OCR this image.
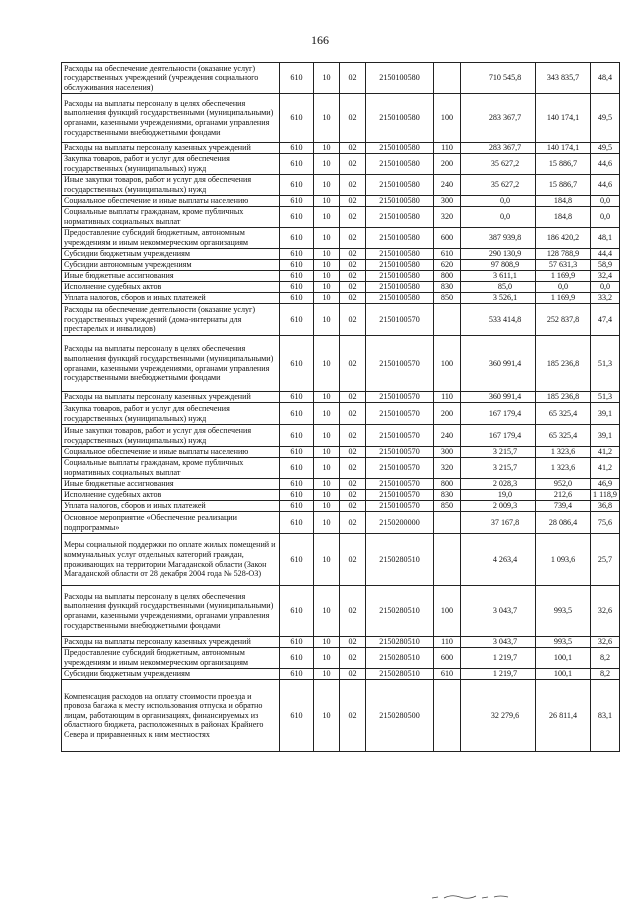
166
Расходы на обеспечение деятельности (оказание услуг) государственных учреждений (учреждения социального обслуживания населения)	610	10	02	2150100580		710 545,8	343 835,7	48,4
Расходы на выплаты персоналу в целях обеспечения выполнения функций государственными (муниципальными) органами, казенными учреждениями, органами управления государственными внебюджетными фондами	610	10	02	2150100580	100	283 367,7	140 174,1	49,5
Расходы на выплаты персоналу казенных учреждений	610	10	02	2150100580	110	283 367,7	140 174,1	49,5
Закупка товаров, работ и услуг для обеспечения государственных (муниципальных) нужд	610	10	02	2150100580	200	35 627,2	15 886,7	44,6
Иные закупки товаров, работ и услуг для обеспечения государственных (муниципальных) нужд	610	10	02	2150100580	240	35 627,2	15 886,7	44,6
Социальное обеспечение и иные выплаты населению	610	10	02	2150100580	300	0,0	184,8	0,0
Социальные выплаты гражданам, кроме публичных нормативных социальных выплат	610	10	02	2150100580	320	0,0	184,8	0,0
Предоставление субсидий бюджетным, автономным учреждениям и иным некоммерческим организациям	610	10	02	2150100580	600	387 939,8	186 420,2	48,1
Субсидии бюджетным учреждениям	610	10	02	2150100580	610	290 130,9	128 788,9	44,4
Субсидии автономным учреждениям	610	10	02	2150100580	620	97 808,9	57 631,3	58,9
Иные бюджетные ассигнования	610	10	02	2150100580	800	3 611,1	1 169,9	32,4
Исполнение судебных актов	610	10	02	2150100580	830	85,0	0,0	0,0
Уплата налогов, сборов и иных платежей	610	10	02	2150100580	850	3 526,1	1 169,9	33,2
Расходы на обеспечение деятельности (оказание услуг) государственных учреждений (дома-интернаты для престарелых и инвалидов)	610	10	02	2150100570		533 414,8	252 837,8	47,4
Расходы на выплаты персоналу в целях обеспечения выполнения функций государственными (муниципальными) органами, казенными учреждениями, органами управления государственными внебюджетными фондами	610	10	02	2150100570	100	360 991,4	185 236,8	51,3
Расходы на выплаты персоналу казенных учреждений	610	10	02	2150100570	110	360 991,4	185 236,8	51,3
Закупка товаров, работ и услуг для обеспечения государственных (муниципальных) нужд	610	10	02	2150100570	200	167 179,4	65 325,4	39,1
Иные закупки товаров, работ и услуг для обеспечения государственных (муниципальных) нужд	610	10	02	2150100570	240	167 179,4	65 325,4	39,1
Социальное обеспечение и иные выплаты населению	610	10	02	2150100570	300	3 215,7	1 323,6	41,2
Социальные выплаты гражданам, кроме публичных нормативных социальных выплат	610	10	02	2150100570	320	3 215,7	1 323,6	41,2
Иные бюджетные ассигнования	610	10	02	2150100570	800	2 028,3	952,0	46,9
Исполнение судебных актов	610	10	02	2150100570	830	19,0	212,6	1 118,9
Уплата налогов, сборов и иных платежей	610	10	02	2150100570	850	2 009,3	739,4	36,8
Основное мероприятие «Обеспечение реализации подпрограммы»	610	10	02	2150200000		37 167,8	28 086,4	75,6
Меры социальной поддержки по оплате жилых помещений и коммунальных услуг отдельных категорий граждан, проживающих на территории Магаданской области (Закон Магаданской области от 28 декабря 2004 года № 528-ОЗ)	610	10	02	2150280510		4 263,4	1 093,6	25,7
Расходы на выплаты персоналу в целях обеспечения выполнения функций государственными (муниципальными) органами, казенными учреждениями, органами управления государственными внебюджетными фондами	610	10	02	2150280510	100	3 043,7	993,5	32,6
Расходы на выплаты персоналу казенных учреждений	610	10	02	2150280510	110	3 043,7	993,5	32,6
Предоставление субсидий бюджетным, автономным учреждениям и иным некоммерческим организациям	610	10	02	2150280510	600	1 219,7	100,1	8,2
Субсидии бюджетным учреждениям	610	10	02	2150280510	610	1 219,7	100,1	8,2
Компенсация расходов на оплату стоимости проезда и провоза багажа к месту использования отпуска и обратно лицам, работающим в организациях, финансируемых из областного бюджета, расположенных в районах Крайнего Севера и приравненных к ним местностях	610	10	02	2150280500		32 279,6	26 811,4	83,1
